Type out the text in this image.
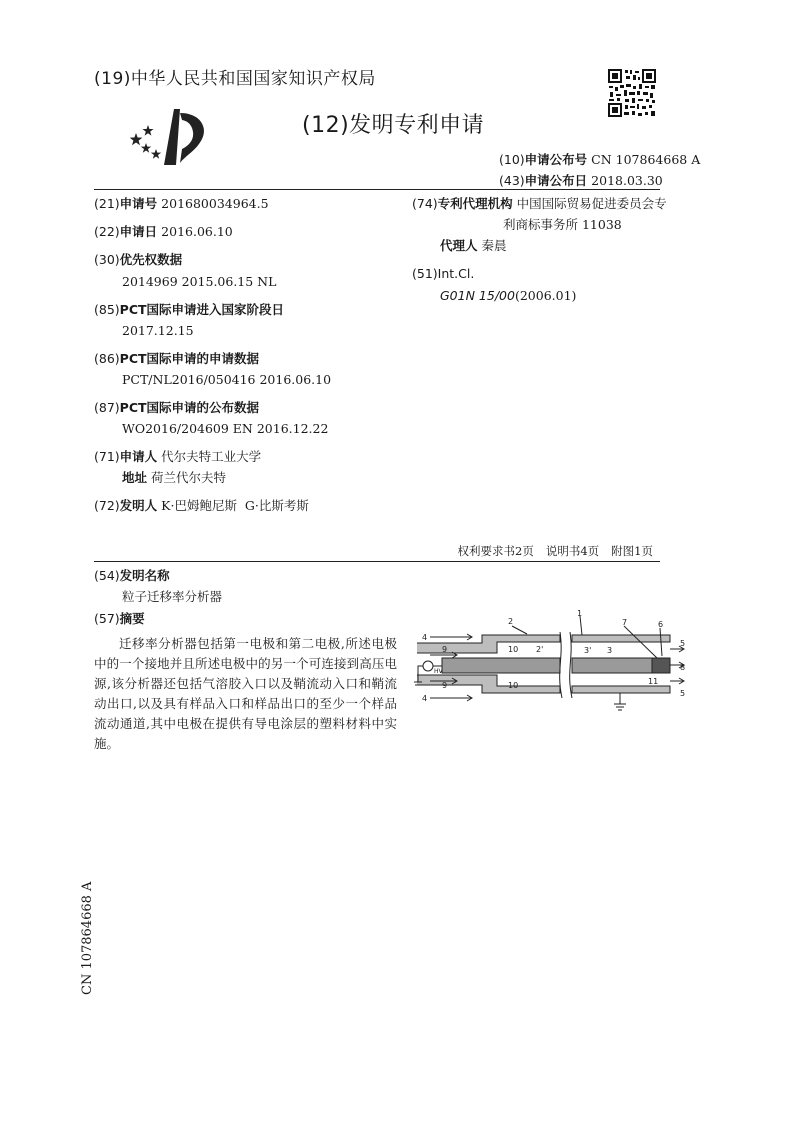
(19)中华人民共和国国家知识产权局
(12)发明专利申请
(10)申请公布号 CN 107864668 A
(43)申请公布日 2018.03.30
(21)申请号 201680034964.5
(22)申请日 2016.06.10
(30)优先权数据
2014969 2015.06.15 NL
(85)PCT国际申请进入国家阶段日
2017.12.15
(86)PCT国际申请的申请数据
PCT/NL2016/050416 2016.06.10
(87)PCT国际申请的公布数据
WO2016/204609 EN 2016.12.22
(71)申请人 代尔夫特工业大学
地址 荷兰代尔夫特
(72)发明人 K·巴姆鲍尼斯  G·比斯考斯
(74)专利代理机构 中国国际贸易促进委员会专
利商标事务所 11038
代理人 秦晨
(51)Int.Cl.
G01N 15/00(2006.01)
权利要求书2页 说明书4页 附图1页
(54)发明名称
粒子迁移率分析器
(57)摘要
迁移率分析器包括第一电极和第二电极,所述电极中的一个接地并且所述电极中的另一个可连接到高压电源,该分析器还包括气溶胶入口以及鞘流动入口和鞘流动出口,以及具有样品入口和样品出口的至少一个样品流动通道,其中电极在提供有导电涂层的塑料材料中实施。
4
4
5
5
2
1
7	6
8
9
9
10
10	11
2'	3' 3
HV
CN 107864668 A
